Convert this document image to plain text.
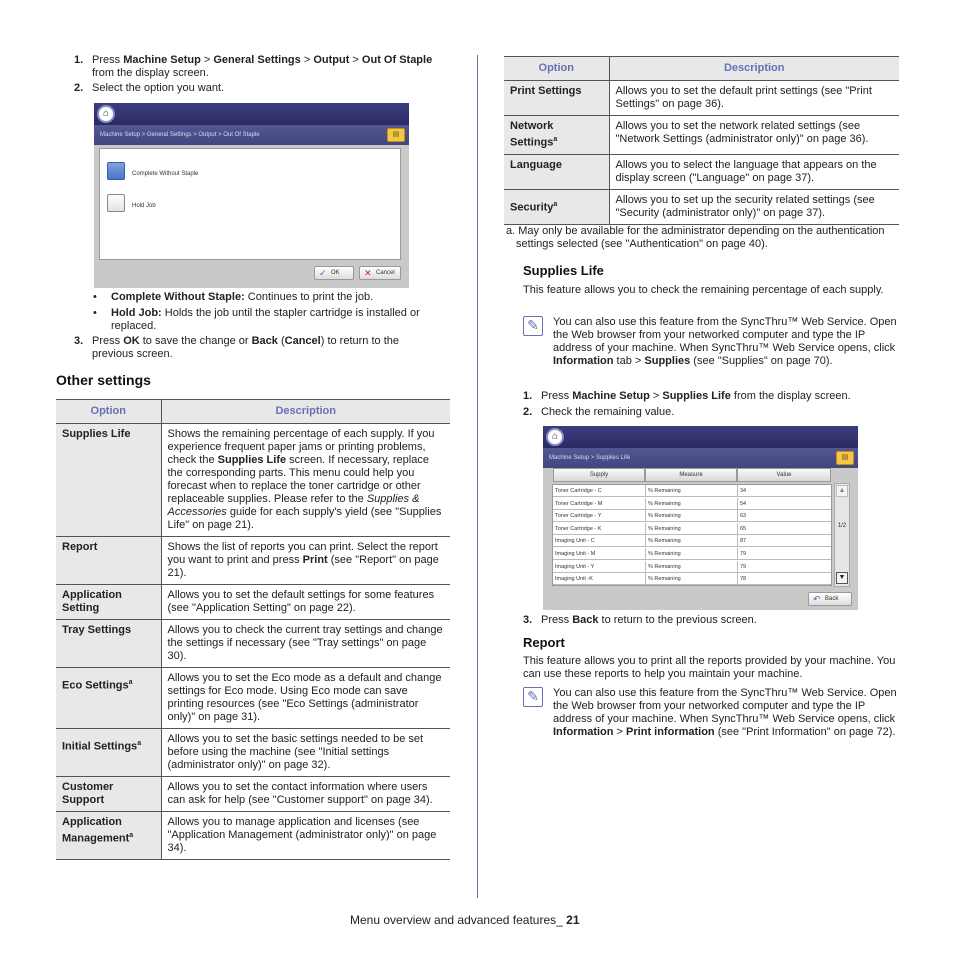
1. Press Machine Setup > General Settings > Output > Out Of Staple from the display screen.
2. Select the option you want.
⌂
Machine Setup > General Settings > Output > Out Of Staple	▤
Complete Without Staple
Hold Job
✓ OK	✕ Cancel
• Complete Without Staple: Continues to print the job.
• Hold Job: Holds the job until the stapler cartridge is installed or replaced.
3. Press OK to save the change or Back (Cancel) to return to the previous screen.
Other settings
Option	Description
Supplies Life	Shows the remaining percentage of each supply. If you experience frequent paper jams or printing problems, check the Supplies Life screen. If necessary, replace the corresponding parts. This menu could help you forecast when to replace the toner cartridge or other replaceable supplies. Please refer to the Supplies & Accessories guide for each supply's yield (see "Supplies Life" on page 21).
Report	Shows the list of reports you can print. Select the report you want to print and press Print (see "Report" on page 21).
Application Setting	Allows you to set the default settings for some features (see "Application Setting" on page 22).
Tray Settings	Allows you to check the current tray settings and change the settings if necessary (see "Tray settings" on page 30).
Eco Settings$^a$	Allows you to set the Eco mode as a default and change settings for Eco mode. Using Eco mode can save printing resources (see "Eco Settings (administrator only)" on page 31).
Initial Settings$^a$	Allows you to set the basic settings needed to be set before using the machine (see "Initial settings (administrator only)" on page 32).
Customer Support	Allows you to set the contact information where users can ask for help (see "Customer support" on page 34).
Application Management$^a$	Allows you to manage application and licenses (see "Application Management (administrator only)" on page 34).
Option	Description
Print Settings	Allows you to set the default print settings (see "Print Settings" on page 36).
Network Settings$^a$	Allows you to set the network related settings (see "Network Settings (administrator only)" on page 36).
Language	Allows you to select the language that appears on the display screen ("Language" on page 37).
Security$^a$	Allows you to set up the security related settings (see "Security (administrator only)" on page 37).
a. May only be available for the administrator depending on the authentication settings selected (see "Authentication" on page 40).
Supplies Life
This feature allows you to check the remaining percentage of each supply.
✎	You can also use this feature from the SyncThru™ Web Service. Open the Web browser from your networked computer and type the IP address of your machine. When SyncThru™ Web Service opens, click Information tab > Supplies (see "Supplies" on page 70).
1. Press Machine Setup > Supplies Life from the display screen.
2. Check the remaining value.
⌂
Machine Setup > Supplies Life	▤
Supply	Measure	Value
Toner Cartridge - C	% Remaining	34
Toner Cartridge - M	% Remaining	54
Toner Cartridge - Y	% Remaining	63
Toner Cartridge - K	% Remaining	65
Imaging Unit - C	% Remaining	87
Imaging Unit - M	% Remaining	79
Imaging Unit - Y	% Remaining	79
Imaging Unit -K	% Remaining	78
▲
1/2
▼
↶ Back
3. Press Back to return to the previous screen.
Report
This feature allows you to print all the reports provided by your machine. You can use these reports to help you maintain your machine.
✎	You can also use this feature from the SyncThru™ Web Service. Open the Web browser from your networked computer and type the IP address of your machine. When SyncThru™ Web Service opens, click Information > Print information (see "Print Information" on page 72).
Menu overview and advanced features_ 21
